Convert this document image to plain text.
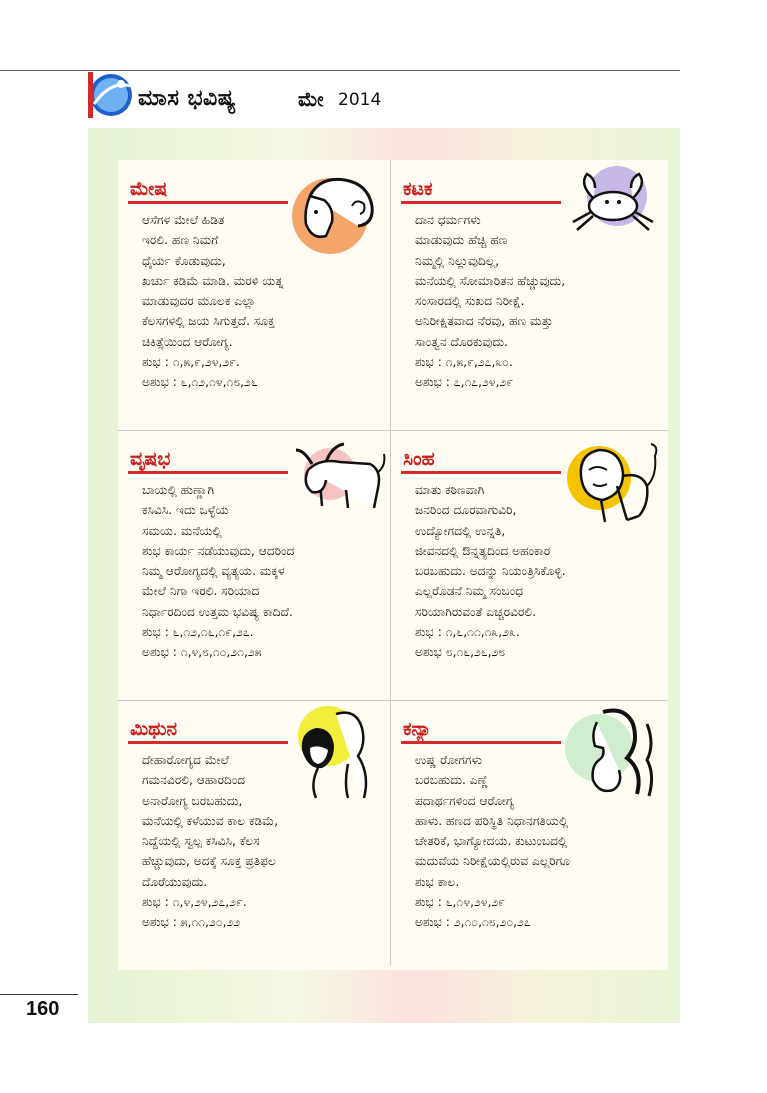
ಮಾಸ ಭವಿಷ್ಯ	ಮೇ 2014
ಮೇಷ

ಆಸೆಗಳ ಮೇಲೆ ಹಿಡಿತ

ಇರಲಿ. ಹಣ ನಿಮಗೆ

ಧೈರ್ಯ ಕೊಡುವುದು,

ಖರ್ಚು ಕಡಿಮೆ ಮಾಡಿ. ಮರಳಿ ಯತ್ನ

ಮಾಡುವುದರ ಮೂಲಕ ಎಲ್ಲಾ

ಕೆಲಸಗಳಲ್ಲಿ ಜಯ ಸಿಗುತ್ತದೆ. ಸೂಕ್ತ

ಚಿಕಿತ್ಸೆಯಿಂದ ಆರೋಗ್ಯ.

ಶುಭ : ೧,೫,೯,೨೪,೨೯.

ಅಶುಭ : ೬,೧೨,೧೪,೧೮,೨೬

ಕಟಕ

ದಾನ ಧರ್ಮಗಳು

ಮಾಡುವುದು ಹೆಚ್ಚಿ ಹಣ

ನಿಮ್ಮಲ್ಲಿ ನಿಲ್ಲುವುದಿಲ್ಲ,

ಮನೆಯಲ್ಲಿ ಸೋಮಾರಿತನ ಹೆಚ್ಚುವುದು,

ಸಂಸಾರದಲ್ಲಿ ಸುಖದ ನಿರೀಕ್ಷೆ.

ಅನಿರೀಕ್ಷಿತವಾದ ನೆರವು, ಹಣ ಮತ್ತು

ಸಾಂತ್ವನ ದೊರಕುವುದು.

ಶುಭ : ೧,೫,೯,೨೭,೩೦.

ಅಶುಭ : ೭,೧೭,೨೪,೨೯

ವೃಷಭ

ಬಾಯಲ್ಲಿ ಹುಣ್ಣಾಗಿ

ಕಸಿವಿಸಿ. ಇದು ಒಳ್ಳೆಯ

ಸಮಯ. ಮನೆಯಲ್ಲಿ

ಶುಭ ಕಾರ್ಯ ನಡೆಯುವುದು, ಆದರಿಂದ

ನಿಮ್ಮ ಆರೋಗ್ಯದಲ್ಲಿ ವ್ಯತ್ಯಯ. ಮಕ್ಕಳ

ಮೇಲೆ ನಿಗಾ ಇರಲಿ. ಸರಿಯಾದ

ನಿರ್ಧಾರದಿಂದ ಉತ್ತಮ ಭವಿಷ್ಯ ಕಾದಿದೆ.

ಶುಭ : ೬,೧೨,೧೬,೧೯,೨೭.

ಅಶುಭ : ೧,೪,೮,೧೦,೨೧,೨೫

ಸಿಂಹ

ಮಾತು ಕಠಿಣವಾಗಿ

ಜನರಿಂದ ದೂರವಾಗುವಿರಿ,

ಉದ್ಯೋಗದಲ್ಲಿ ಉನ್ನತಿ,

ಜೀವನದಲ್ಲಿ ಔನ್ನತ್ಯದಿಂದ ಅಹಂಕಾರ

ಬರಬಹುದು. ಅದನ್ನು ನಿಯಂತ್ರಿಸಿಕೊಳ್ಳಿ.

ಎಲ್ಲರೊಡನೆ ನಿಮ್ಮ ಸಂಬಂಧ

ಸರಿಯಾಗಿರುವಂತೆ ಎಚ್ಚರವಿರಲಿ.

ಶುಭ : ೧,೬,೧೧,೧೩,೨೩.

ಅಶುಭ ೮,೧೬,೨೬,೨೮

ಮಿಥುನ

ದೇಹಾರೋಗ್ಯದ ಮೇಲೆ

ಗಮನವಿರಲಿ, ಆಹಾರದಿಂದ

ಅನಾರೋಗ್ಯ ಬರಬಹುದು,

ಮನೆಯಲ್ಲಿ ಕಳೆಯುವ ಕಾಲ ಕಡಿಮೆ,

ನಿದ್ದೆಯಲ್ಲಿ ಸ್ವಲ್ಪ ಕಸಿವಿಸಿ, ಕೆಲಸ

ಹೆಚ್ಚುವುದು, ಅದಕ್ಕೆ ಸೂಕ್ತ ಪ್ರತಿಫಲ

ದೊರೆಯುವುದು.

ಶುಭ : ೧,೪,೨೪,೨೭,೨೯.

ಅಶುಭ : ೫,೧೧,೨೦,೨೨

ಕನ್ಯಾ

ಉಷ್ಣ ರೋಗಗಳು

ಬರಬಹುದು. ಎಣ್ಣೆ

ಪದಾರ್ಥಗಳಿಂದ ಆರೋಗ್ಯ

ಹಾಳು. ಹಣದ ಪರಿಸ್ಥಿತಿ ನಿಧಾನಗತಿಯಲ್ಲಿ

ಚೇತರಿಕೆ, ಭಾಗ್ಯೋದಯ. ಕುಟುಂಬದಲ್ಲಿ

ಮದುವೆಯ ನಿರೀಕ್ಷೆಯಲ್ಲಿರುವ ಎಲ್ಲರಿಗೂ

ಶುಭ ಕಾಲ.

ಶುಭ : ೬,೧೪,೨೪,೨೯

ಅಶುಭ : ೨,೧೦,೧೮,೨೦,೨೭

160
